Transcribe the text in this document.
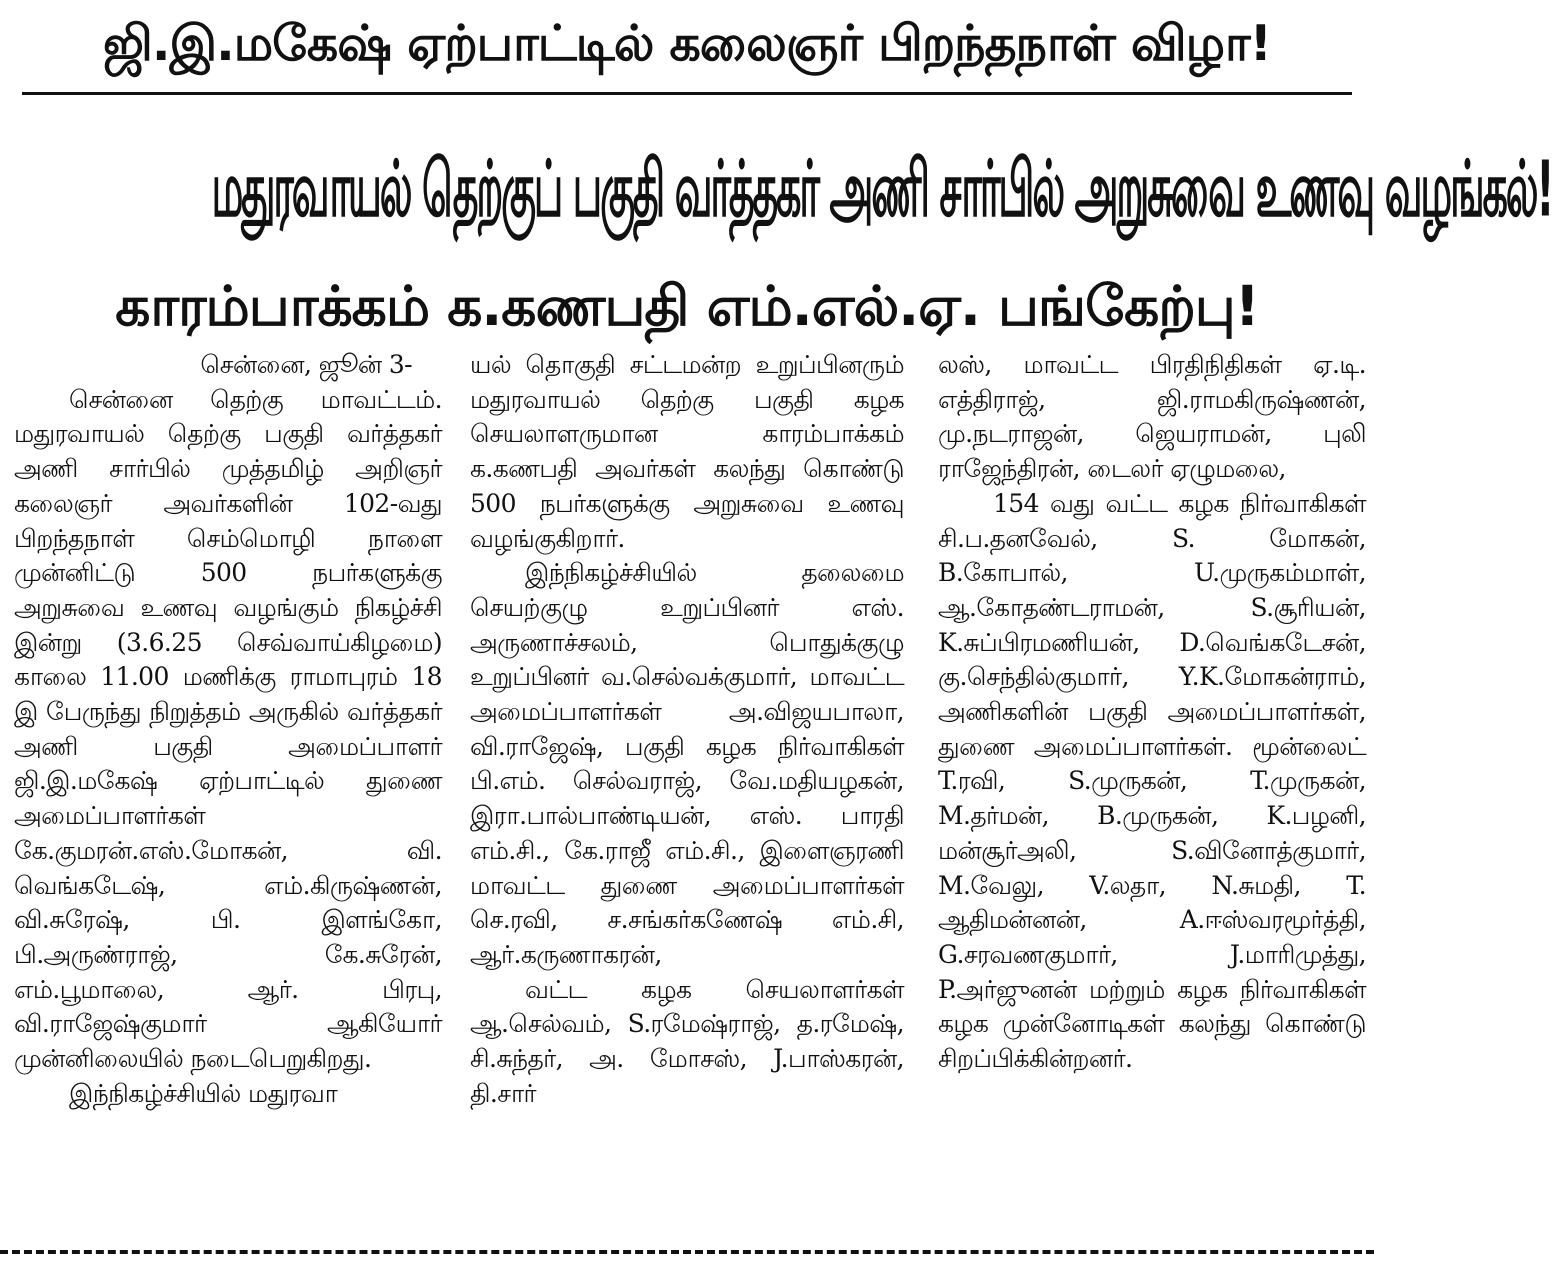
ஜி.இ.மகேஷ் ஏற்பாட்டில் கலைஞர் பிறந்தநாள் விழா!
மதுரவாயல் தெற்குப் பகுதி வர்த்தகர் அணி சார்பில் அறுசுவை உணவு வழங்கல்!
காரம்பாக்கம் க.கணபதி எம்.எல்.ஏ. பங்கேற்பு!

சென்னை, ஜூன் 3-

சென்னை தெற்கு மாவட்டம். மதுரவாயல் தெற்கு பகுதி வர்த்தகர் அணி சார்பில் முத்தமிழ் அறிஞர் கலைஞர் அவர்களின் 102-வது பிறந்தநாள் செம்மொழி நாளை முன்னிட்டு 500 நபர்களுக்கு அறுசுவை உணவு வழங்கும் நிகழ்ச்சி இன்று (3.6.25 செவ்வாய்கிழமை) காலை 11.00 மணிக்கு ராமாபுரம் 18 இ பேருந்து நிறுத்தம் அருகில் வர்த்தகர் அணி பகுதி அமைப்பாளர் ஜி.இ.மகேஷ் ஏற்பாட்டில் துணை அமைப்பாளர்கள் கே.குமரன்.எஸ்.மோகன், வி. வெங்கடேஷ், எம்.கிருஷ்ணன், வி.சுரேஷ், பி. இளங்கோ, பி.அருண்ராஜ், கே.சுரேன், எம்.பூமாலை, ஆர். பிரபு, வி.ராஜேஷ்குமார் ஆகியோர் முன்னிலையில் நடைபெறுகிறது.

இந்நிகழ்ச்சியில் மதுரவா

யல் தொகுதி சட்டமன்ற உறுப்பினரும் மதுரவாயல் தெற்கு பகுதி கழக செயலாளருமான காரம்பாக்கம் க.கணபதி அவர்கள் கலந்து கொண்டு 500 நபர்களுக்கு அறுசுவை உணவு வழங்குகிறார்.

இந்நிகழ்ச்சியில் தலைமை செயற்குழு உறுப்பினர் எஸ். அருணாச்சலம், பொதுக்குழு உறுப்பினர் வ.செல்வக்குமார், மாவட்ட அமைப்பாளர்கள் அ.விஜயபாலா, வி.ராஜேஷ், பகுதி கழக நிர்வாகிகள் பி.எம். செல்வராஜ், வே.மதியழகன், இரா.பால்பாண்டியன், எஸ். பாரதி எம்.சி., கே.ராஜீ எம்.சி., இளைஞரணி மாவட்ட துணை அமைப்பாளர்கள் செ.ரவி, ச.சங்கர்கணேஷ் எம்.சி, ஆர்.கருணாகரன்,

வட்ட கழக செயலாளர்கள் ஆ.செல்வம், S.ரமேஷ்ராஜ், த.ரமேஷ், சி.சுந்தர், அ. மோசஸ், J.பாஸ்கரன், தி.சார்

லஸ், மாவட்ட பிரதிநிதிகள் ஏ.டி. எத்திராஜ், ஜி.ராமகிருஷ்ணன், மு.நடராஜன், ஜெயராமன், புலி ராஜேந்திரன், டைலர் ஏழுமலை,

154 வது வட்ட கழக நிர்வாகிகள் சி.ப.தனவேல், S. மோகன், B.கோபால், U.முருகம்மாள், ஆ.கோதண்டராமன், S.சூரியன், K.சுப்பிரமணியன், D.வெங்கடேசன், கு.செந்தில்குமார், Y.K.மோகன்ராம், அணிகளின் பகுதி அமைப்பாளர்கள், துணை அமைப்பாளர்கள். மூன்லைட் T.ரவி, S.முருகன், T.முருகன், M.தர்மன், B.முருகன், K.பழனி, மன்சூர்அலி, S.வினோத்குமார், M.வேலு, V.லதா, N.சுமதி, T. ஆதிமன்னன், A.ஈஸ்வரமூர்த்தி, G.சரவணகுமார், J.மாரிமுத்து, P.அர்ஜுனன் மற்றும் கழக நிர்வாகிகள் கழக முன்னோடிகள் கலந்து கொண்டு சிறப்பிக்கின்றனர்.
